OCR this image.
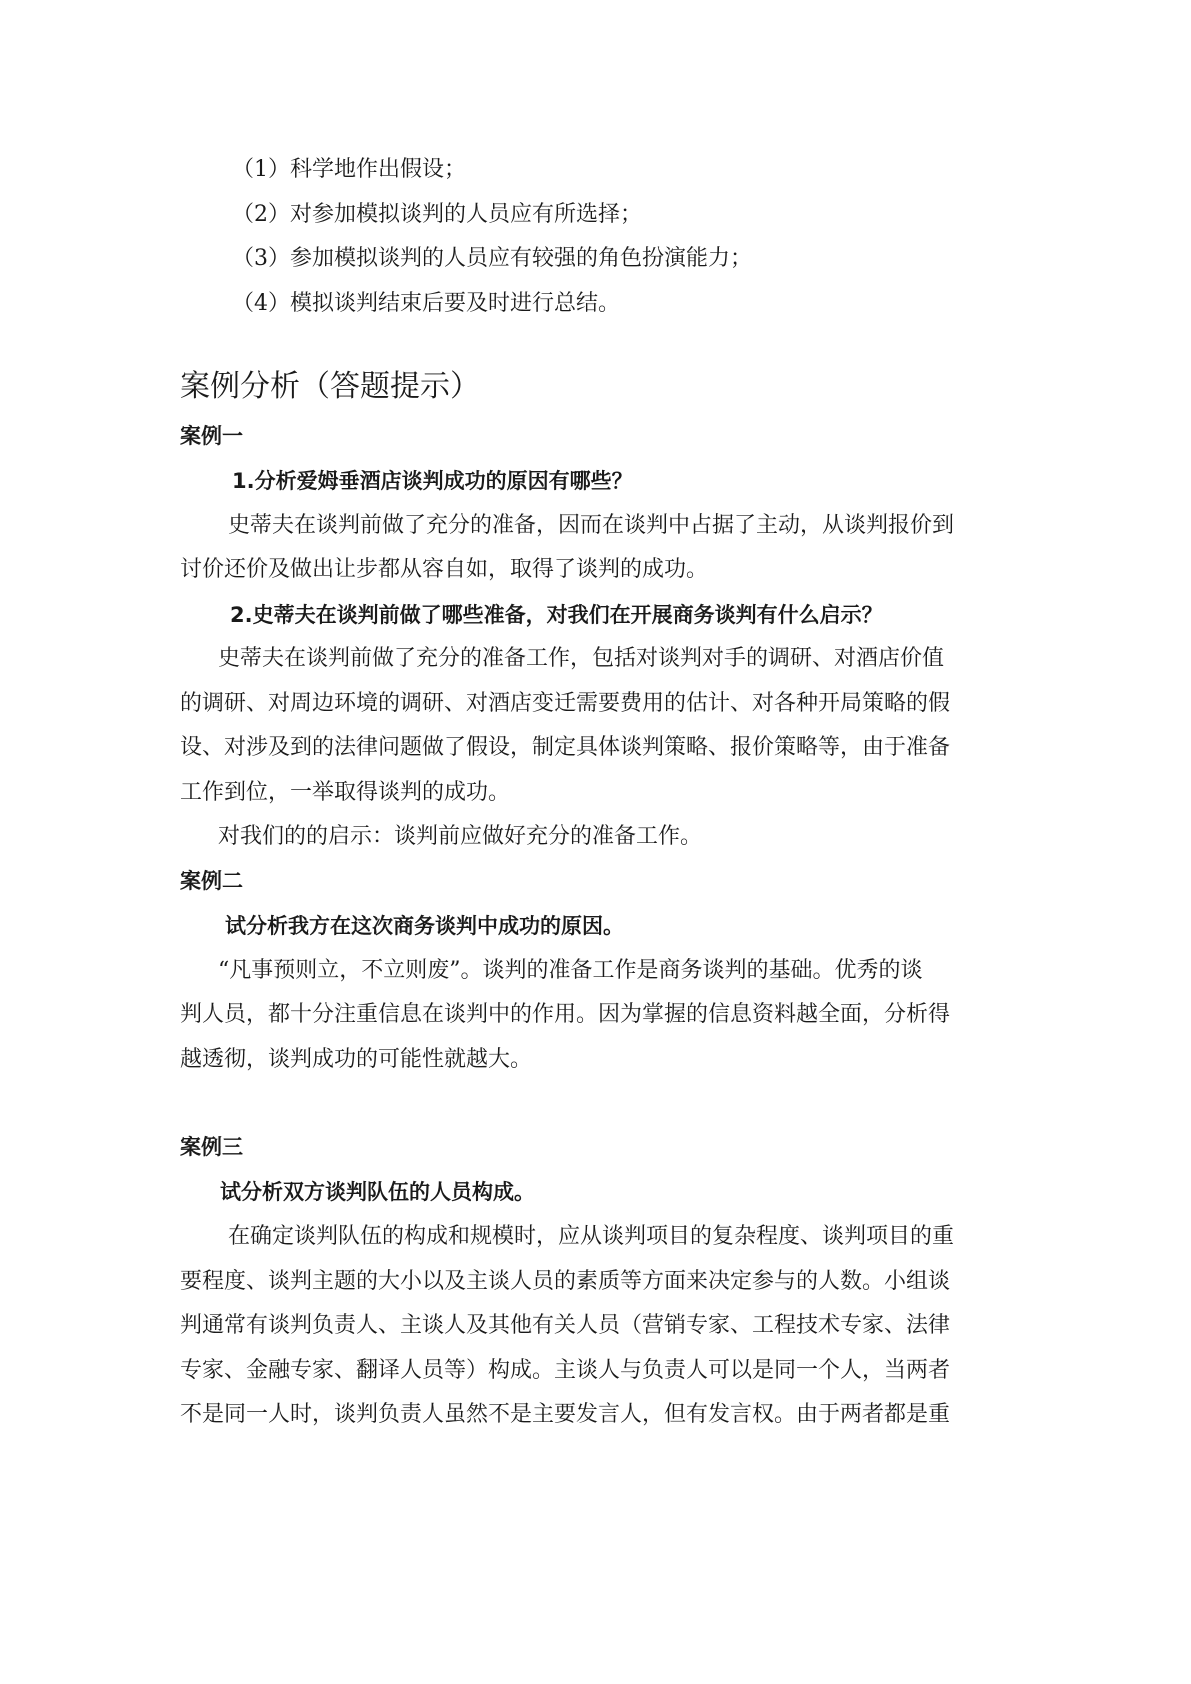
（1）科学地作出假设；

（2）对参加模拟谈判的人员应有所选择；

（3）参加模拟谈判的人员应有较强的角色扮演能力；

（4）模拟谈判结束后要及时进行总结。

案例分析（答题提示）

案例一

1.分析爱姆垂酒店谈判成功的原因有哪些？

史蒂夫在谈判前做了充分的准备，因而在谈判中占据了主动，从谈判报价到

讨价还价及做出让步都从容自如，取得了谈判的成功。

2.史蒂夫在谈判前做了哪些准备，对我们在开展商务谈判有什么启示？

史蒂夫在谈判前做了充分的准备工作，包括对谈判对手的调研、对酒店价值

的调研、对周边环境的调研、对酒店变迁需要费用的估计、对各种开局策略的假

设、对涉及到的法律问题做了假设，制定具体谈判策略、报价策略等，由于准备

工作到位，一举取得谈判的成功。

对我们的的启示：谈判前应做好充分的准备工作。

案例二

试分析我方在这次商务谈判中成功的原因。

“凡事预则立，不立则废”。谈判的准备工作是商务谈判的基础。优秀的谈

判人员，都十分注重信息在谈判中的作用。因为掌握的信息资料越全面，分析得

越透彻，谈判成功的可能性就越大。

案例三

试分析双方谈判队伍的人员构成。

在确定谈判队伍的构成和规模时，应从谈判项目的复杂程度、谈判项目的重

要程度、谈判主题的大小以及主谈人员的素质等方面来决定参与的人数。小组谈

判通常有谈判负责人、主谈人及其他有关人员（营销专家、工程技术专家、法律

专家、金融专家、翻译人员等）构成。主谈人与负责人可以是同一个人，当两者

不是同一人时，谈判负责人虽然不是主要发言人，但有发言权。由于两者都是重
